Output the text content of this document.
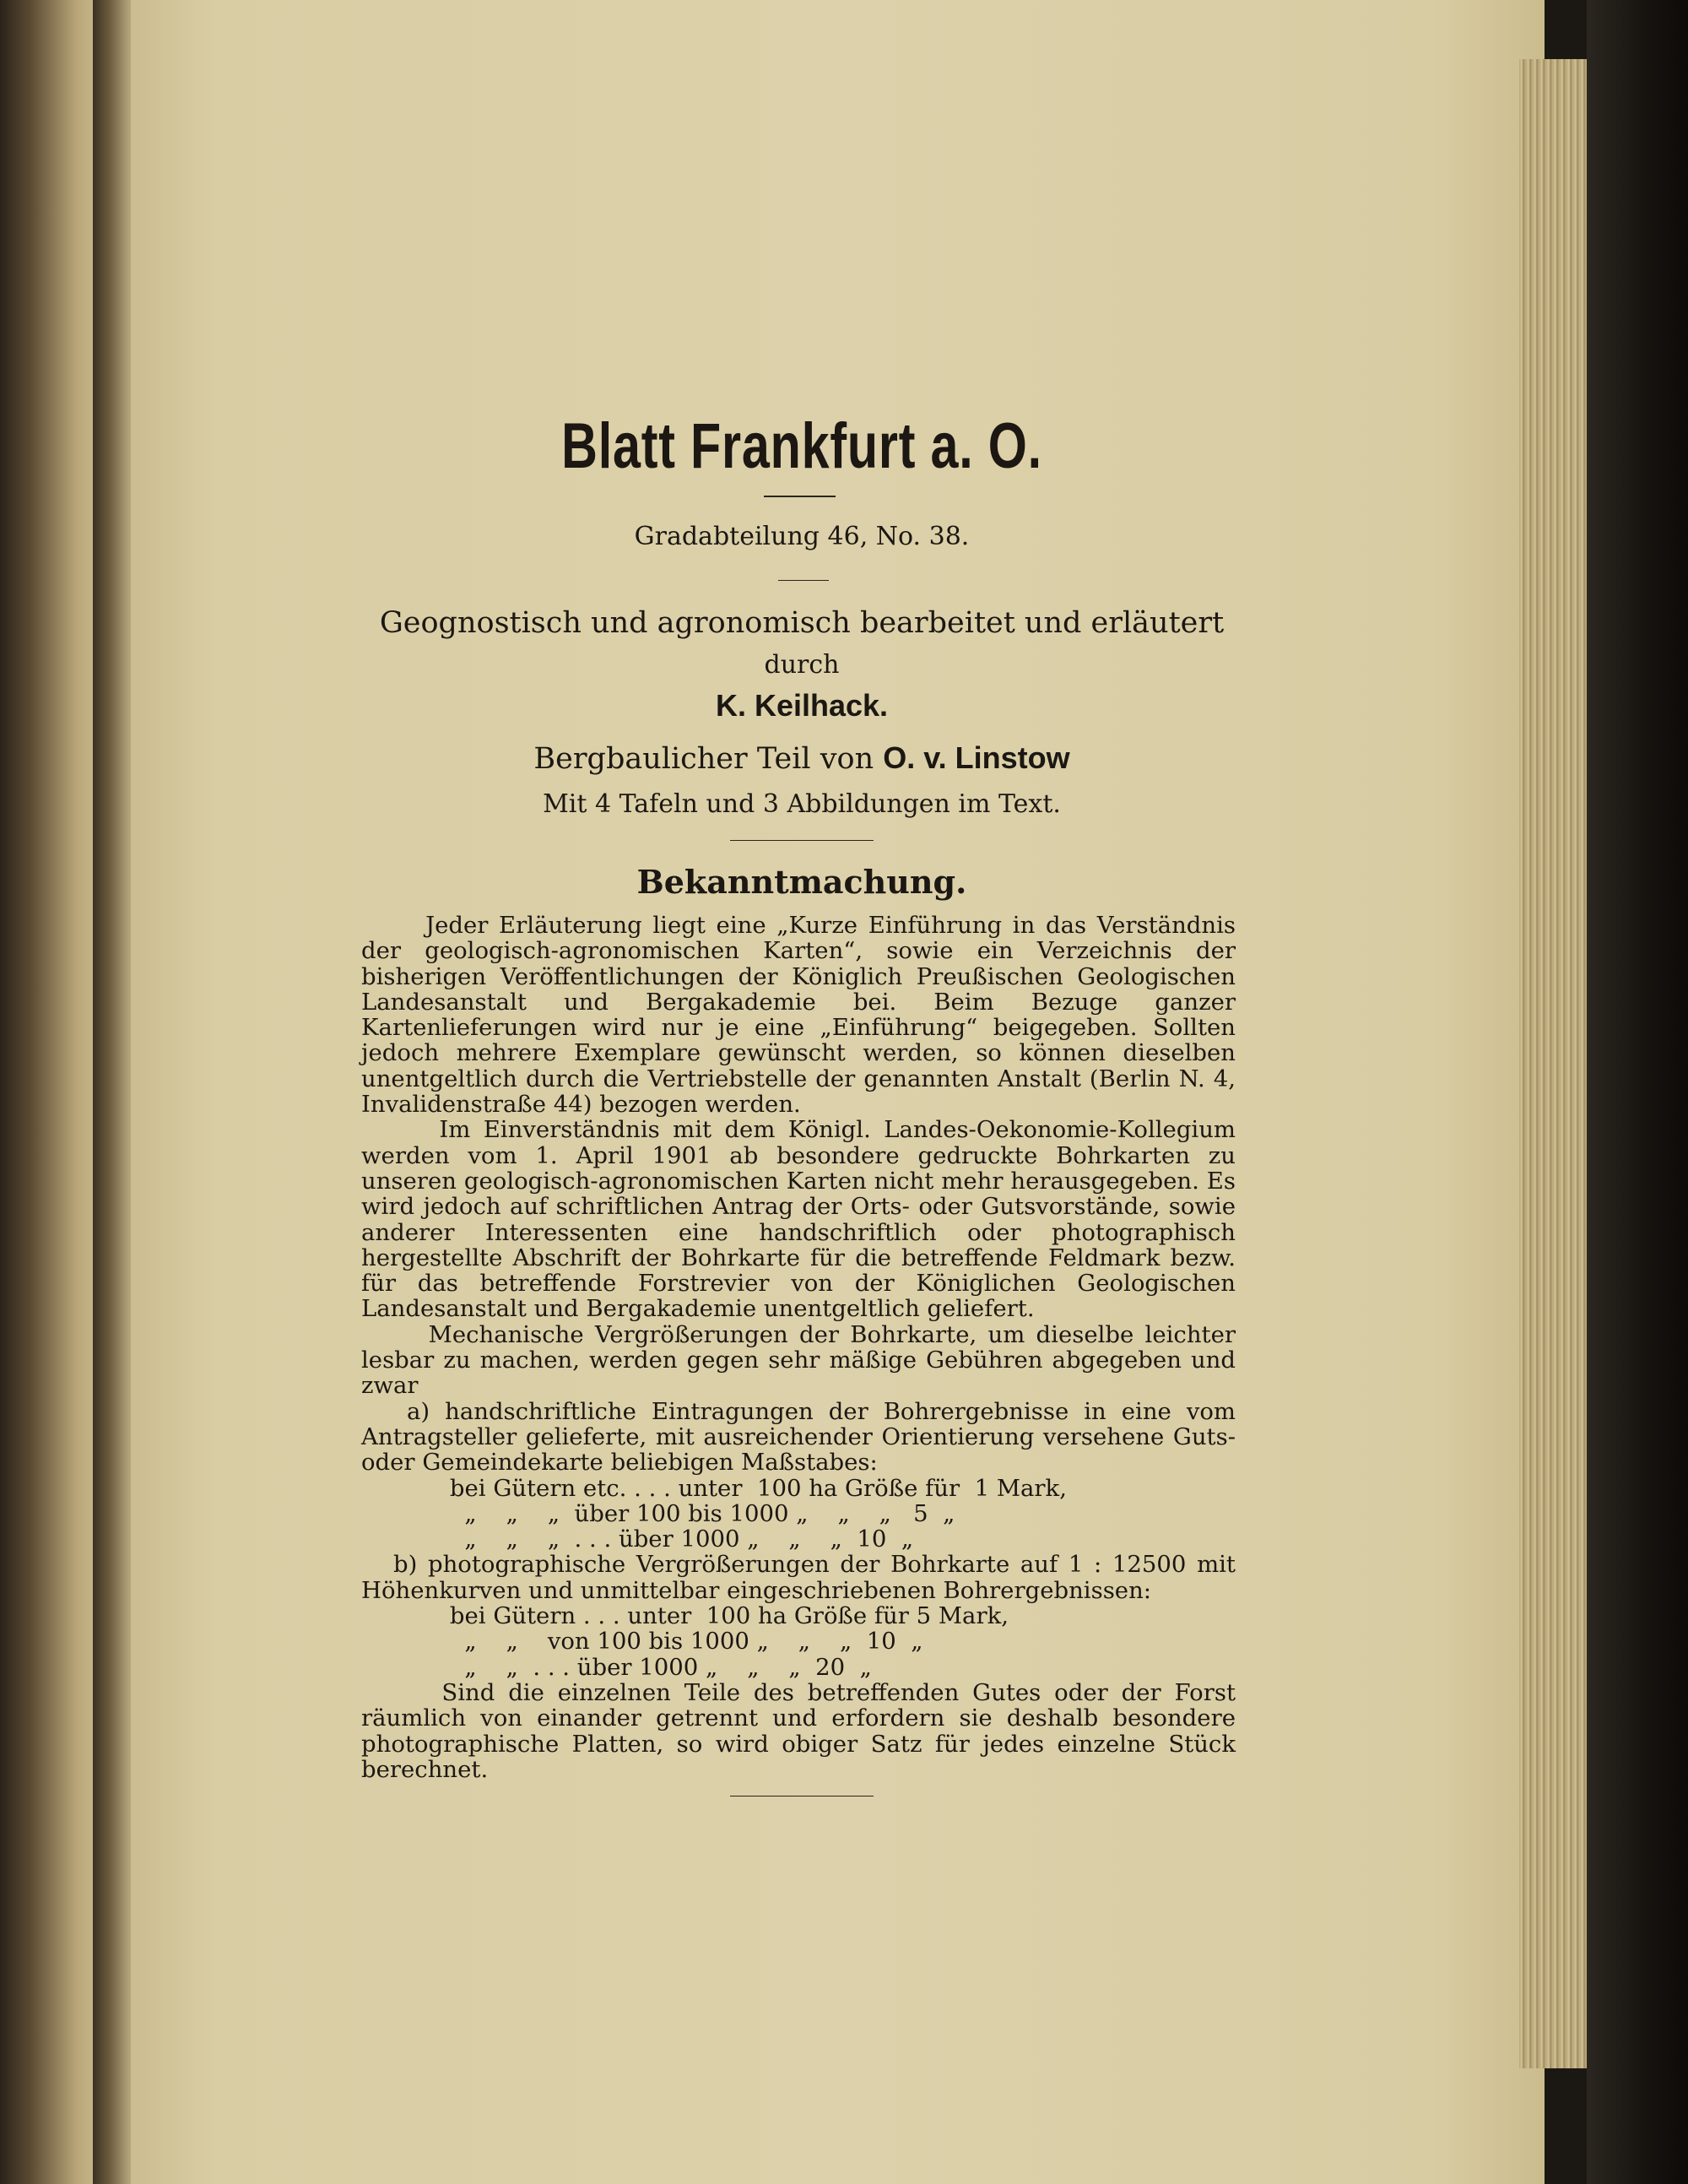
Blatt Frankfurt a. O.
Gradabteilung 46, No. 38.
Geognostisch und agronomisch bearbeitet und erläutert
durch
K. Keilhack.
Bergbaulicher Teil von O. v. Linstow
Mit 4 Tafeln und 3 Abbildungen im Text.
Bekanntmachung.
Jeder Erläuterung liegt eine „Kurze Einführung in das Verständnis der geologisch-agronomischen Karten“, sowie ein Verzeichnis der bisherigen Veröffentlichungen der Königlich Preußischen Geologischen Landesanstalt und Bergakademie bei. Beim Bezuge ganzer Kartenlieferungen wird nur je eine „Einführung“ beigegeben. Sollten jedoch mehrere Exemplare gewünscht werden, so können dieselben unentgeltlich durch die Vertriebstelle der genannten Anstalt (Berlin N. 4, Invalidenstraße 44) bezogen werden.
Im Einverständnis mit dem Königl. Landes-Oekonomie-Kollegium werden vom 1. April 1901 ab besondere gedruckte Bohrkarten zu unseren geologisch-agronomischen Karten nicht mehr herausgegeben. Es wird jedoch auf schriftlichen Antrag der Orts- oder Gutsvorstände, sowie anderer Interessenten eine handschriftlich oder photographisch hergestellte Abschrift der Bohrkarte für die betreffende Feldmark bezw. für das betreffende Forstrevier von der Königlichen Geologischen Landesanstalt und Bergakademie unentgeltlich geliefert.
Mechanische Vergrößerungen der Bohrkarte, um dieselbe leichter lesbar zu machen, werden gegen sehr mäßige Gebühren abgegeben und zwar
a) handschriftliche Eintragungen der Bohrergebnisse in eine vom Antragsteller gelieferte, mit ausreichender Orientierung versehene Guts- oder Gemeindekarte beliebigen Maßstabes:
bei Gütern etc. . . . unter  100 ha Größe für  1 Mark,
„    „    „  über 100 bis 1000 „    „    „   5  „
„    „    „  . . . über 1000 „    „    „  10  „
b) photographische Vergrößerungen der Bohrkarte auf 1 : 12500 mit Höhenkurven und unmittelbar eingeschriebenen Bohrergebnissen:
bei Gütern . . . unter  100 ha Größe für 5 Mark,
„    „    von 100 bis 1000 „    „    „  10  „
„    „  . . . über 1000 „    „    „  20  „
Sind die einzelnen Teile des betreffenden Gutes oder der Forst räumlich von einander getrennt und erfordern sie deshalb besondere photographische Platten, so wird obiger Satz für jedes einzelne Stück berechnet.
